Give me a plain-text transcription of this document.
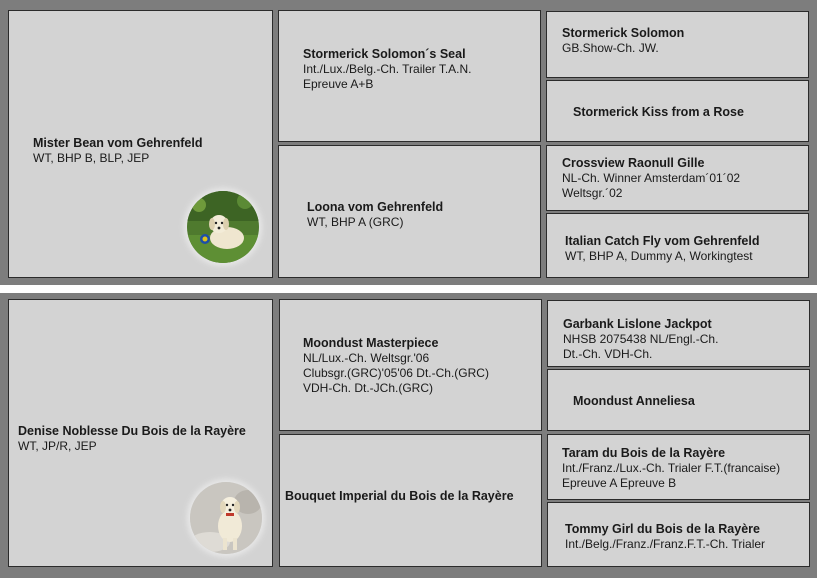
Mister Bean vom Gehrenfeld
WT, BHP B, BLP, JEP
Stormerick Solomon´s Seal
Int./Lux./Belg.-Ch. Trailer T.A.N.
Epreuve A+B
Loona vom Gehrenfeld
WT, BHP A (GRC)
Stormerick Solomon
GB.Show-Ch. JW.
Stormerick Kiss from a Rose
Crossview Raonull Gille
NL-Ch. Winner Amsterdam´01´02
Weltsgr.´02
Italian Catch Fly vom Gehrenfeld
WT, BHP A, Dummy A, Workingtest
Denise Noblesse Du Bois de la Rayère
WT, JP/R, JEP
Moondust Masterpiece
NL/Lux.-Ch. Weltsgr.'06
Clubsgr.(GRC)'05'06 Dt.-Ch.(GRC)
VDH-Ch. Dt.-JCh.(GRC)
Bouquet Imperial du Bois de la Rayère
Garbank Lislone Jackpot
NHSB 2075438 NL/Engl.-Ch.
Dt.-Ch. VDH-Ch.
Moondust Anneliesa
Taram du Bois de la Rayère
Int./Franz./Lux.-Ch. Trialer F.T.(francaise)
Epreuve A Epreuve B
Tommy Girl du Bois de la Rayère
Int./Belg./Franz./Franz.F.T.-Ch. Trialer
